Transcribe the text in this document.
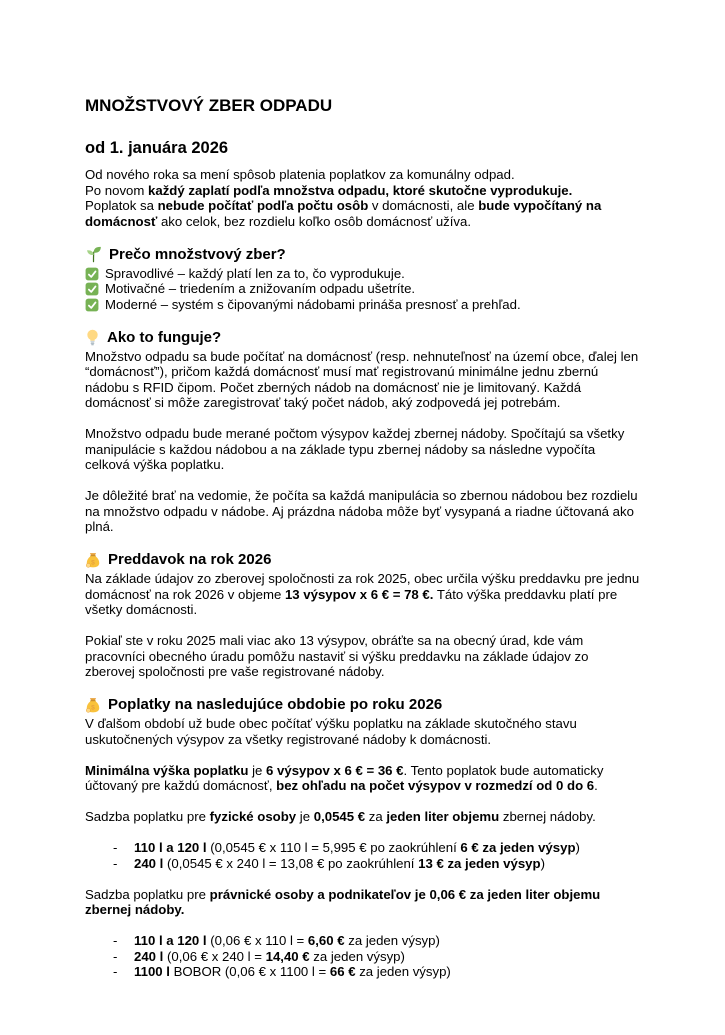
MNOŽSTVOVÝ ZBER ODPADU
od 1. januára 2026

Od nového roka sa mení spôsob platenia poplatkov za komunálny odpad.
Po novom každý zaplatí podľa množstva odpadu, ktoré skutočne vyprodukuje.
Poplatok sa nebude počítať podľa počtu osôb v domácnosti, ale bude vypočítaný na domácnosť ako celok, bez rozdielu koľko osôb domácnosť užíva.

Prečo množstvový zber?
Spravodlivé – každý platí len za to, čo vyprodukuje.
Motivačné – triedením a znižovaním odpadu ušetríte.
Moderné – systém s čipovanými nádobami prináša presnosť a prehľad.
Ako to funguje?

Množstvo odpadu sa bude počítať na domácnosť (resp. nehnuteľnosť na území obce, ďalej len “domácnosť”), pričom každá domácnosť musí mať registrovanú minimálne jednu zbernú nádobu s RFID čipom. Počet zberných nádob na domácnosť nie je limitovaný. Každá domácnosť si môže zaregistrovať taký počet nádob, aký zodpovedá jej potrebám.

Množstvo odpadu bude merané počtom výsypov každej zbernej nádoby. Spočítajú sa všetky manipulácie s každou nádobou a na základe typu zbernej nádoby sa následne vypočíta celková výška poplatku.

Je dôležité brať na vedomie, že počíta sa každá manipulácia so zbernou nádobou bez rozdielu na množstvo odpadu v nádobe. Aj prázdna nádoba môže byť vysypaná a riadne účtovaná ako plná.

$ Preddavok na rok 2026

Na základe údajov zo zberovej spoločnosti za rok 2025, obec určila výšku preddavku pre jednu domácnosť na rok 2026 v objeme 13 výsypov x 6 € = 78 €. Táto výška preddavku platí pre všetky domácnosti.

Pokiaľ ste v roku 2025 mali viac ako 13 výsypov, obráťte sa na obecný úrad, kde vám pracovníci obecného úradu pomôžu nastaviť si výšku preddavku na základe údajov zo zberovej spoločnosti pre vaše registrované nádoby.

$ Poplatky na nasledujúce obdobie po roku 2026

V ďalšom období už bude obec počítať výšku poplatku na základe skutočného stavu uskutočnených výsypov za všetky registrované nádoby k domácnosti.

Minimálna výška poplatku je 6 výsypov x 6 € = 36 €. Tento poplatok bude automaticky účtovaný pre každú domácnosť, bez ohľadu na počet výsypov v rozmedzí od 0 do 6.

Sadzba poplatku pre fyzické osoby je 0,0545 € za jeden liter objemu zbernej nádoby.

-	110 l a 120 l (0,0545 € x 110 l = 5,995 € po zaokrúhlení 6 € za jeden výsyp)
-	240 l (0,0545 € x 240 l = 13,08 € po zaokrúhlení 13 € za jeden výsyp)

Sadzba poplatku pre právnické osoby a podnikateľov je 0,06 € za jeden liter objemu zbernej nádoby.

-	110 l a 120 l (0,06 € x 110 l = 6,60 € za jeden výsyp)
-	240 l (0,06 € x 240 l = 14,40 € za jeden výsyp)
-	1100 l BOBOR (0,06 € x 1100 l = 66 € za jeden výsyp)
